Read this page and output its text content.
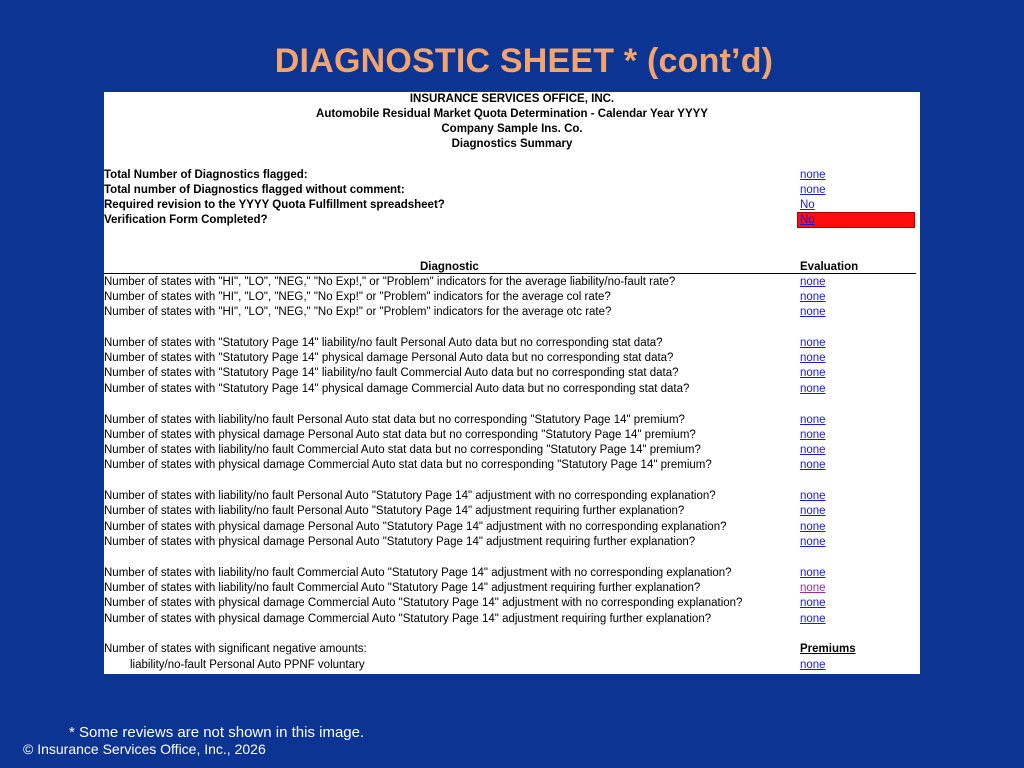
DIAGNOSTIC SHEET * (cont’d)
INSURANCE SERVICES OFFICE, INC.
Automobile Residual Market Quota Determination - Calendar Year YYYY
Company Sample Ins. Co.
Diagnostics Summary
Total Number of Diagnostics flagged:	none
Total number of Diagnostics flagged without comment:	none
Required revision to the YYYY Quota Fulfillment spreadsheet?	No
Verification Form Completed?	No
Diagnostic	Evaluation
Number of states with "HI", "LO", "NEG," "No Exp!," or "Problem" indicators for the average liability/no-fault rate?	none
Number of states with "HI", "LO", "NEG," "No Exp!" or "Problem" indicators for the average col rate?	none
Number of states with "HI", "LO", "NEG," "No Exp!" or "Problem" indicators for the average otc rate?	none
Number of states with "Statutory Page 14" liability/no fault Personal Auto data but no corresponding stat data?	none
Number of states with "Statutory Page 14" physical damage Personal Auto data but no corresponding stat data?	none
Number of states with "Statutory Page 14" liability/no fault Commercial Auto data but no corresponding stat data?	none
Number of states with "Statutory Page 14" physical damage Commercial Auto data but no corresponding stat data?	none
Number of states with liability/no fault Personal Auto stat data but no corresponding "Statutory Page 14" premium?	none
Number of states with physical damage Personal Auto stat data but no corresponding "Statutory Page 14" premium?	none
Number of states with liability/no fault Commercial Auto stat data but no corresponding "Statutory Page 14" premium?	none
Number of states with physical damage Commercial Auto stat data but no corresponding "Statutory Page 14" premium?	none
Number of states with liability/no fault Personal Auto "Statutory Page 14" adjustment with no corresponding explanation?	none
Number of states with liability/no fault Personal Auto "Statutory Page 14" adjustment requiring further explanation?	none
Number of states with physical damage Personal Auto "Statutory Page 14" adjustment with no corresponding explanation?	none
Number of states with physical damage Personal Auto "Statutory Page 14" adjustment requiring further explanation?	none
Number of states with liability/no fault Commercial Auto "Statutory Page 14" adjustment with no corresponding explanation?	none
Number of states with liability/no fault Commercial Auto "Statutory Page 14" adjustment requiring further explanation?	none
Number of states with physical damage Commercial Auto "Statutory Page 14" adjustment with no corresponding explanation?	none
Number of states with physical damage Commercial Auto "Statutory Page 14" adjustment requiring further explanation?	none
Number of states with significant negative amounts:	Premiums
liability/no-fault Personal Auto PPNF voluntary	none
* Some reviews are not shown in this image.
© Insurance Services Office, Inc., 2026
